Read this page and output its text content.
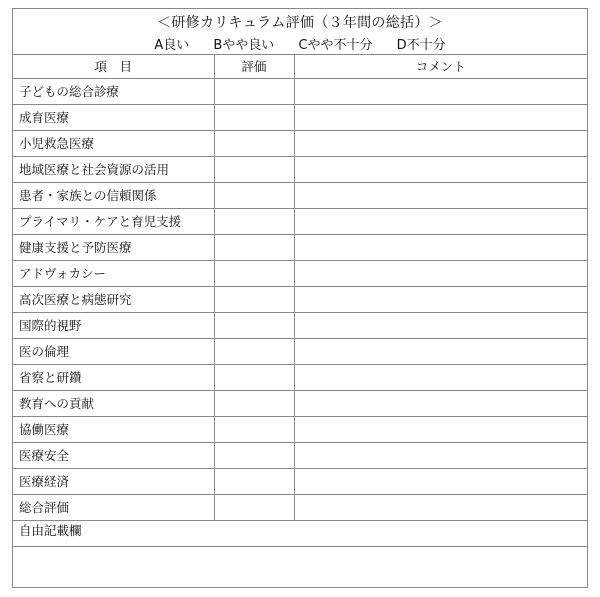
＜研修カリキュラム評価（３年間の総括）＞
A良い Bやや良い Cやや不十分 D不十分
項　目	評価	コメント
子どもの総合診療		
成育医療		
小児救急医療		
地域医療と社会資源の活用		
患者・家族との信頼関係		
プライマリ・ケアと育児支援		
健康支援と予防医療		
アドヴォカシー		
高次医療と病態研究		
国際的視野		
医の倫理		
省察と研鑽		
教育への貢献		
協働医療		
医療安全		
医療経済		
総合評価		
自由記載欄		
